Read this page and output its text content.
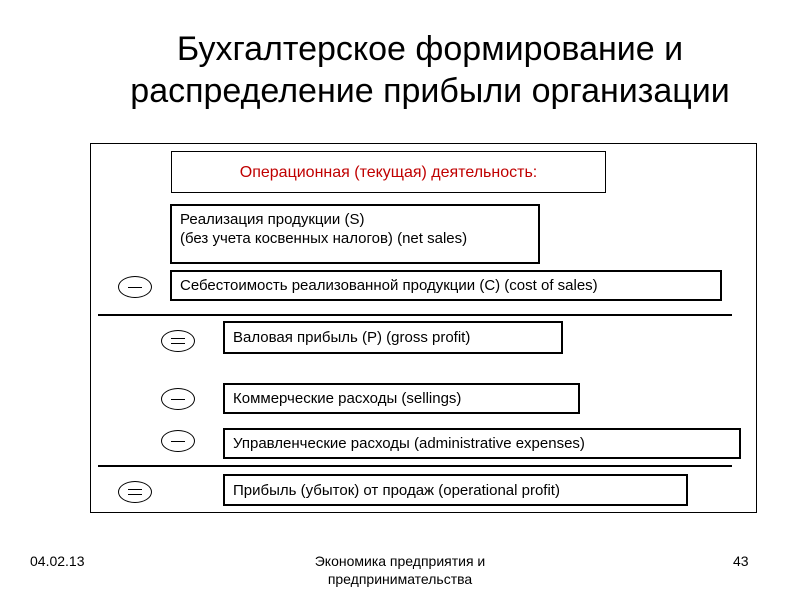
Бухгалтерское формирование и
распределение прибыли организации
Операционная (текущая) деятельность:
Реализация продукции (S)
(без учета косвенных налогов) (net sales)
Себестоимость реализованной продукции (С) (cost of sales)
Валовая прибыль (Р) (gross profit)
Коммерческие расходы (sellings)
Управленческие расходы (administrative expenses)
Прибыль (убыток) от продаж (operational profit)
04.02.13	Экономика предприятия и
предпринимательства
43
